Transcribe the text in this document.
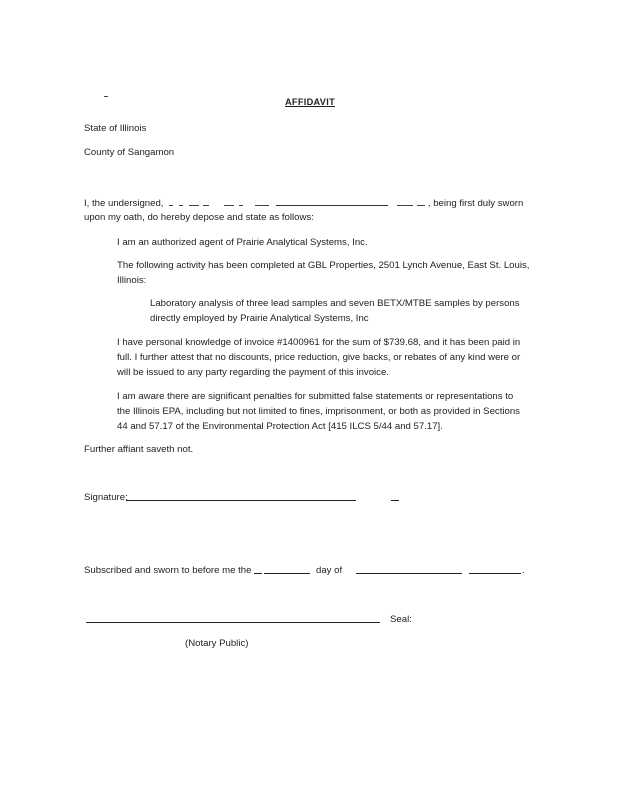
AFFIDAVIT
State of Illinois
County of Sangamon
I, the undersigned,	, being first duly sworn
upon my oath, do hereby depose and state as follows:
I am an authorized agent of Prairie Analytical Systems, Inc.
The following activity has been completed at GBL Properties, 2501 Lynch Avenue, East St. Louis,
Illinois:
Laboratory analysis of three lead samples and seven BETX/MTBE samples by persons
directly employed by Prairie Analytical Systems, Inc
I have personal knowledge of invoice #1400961 for the sum of $739.68, and it has been paid in
full. I further attest that no discounts, price reduction, give backs, or rebates of any kind were or
will be issued to any party regarding the payment of this invoice.
I am aware there are significant penalties for submitted false statements or representations to
the Illinois EPA, including but not limited to fines, imprisonment, or both as provided in Sections
44 and 57.17 of the Environmental Protection Act [415 ILCS 5/44 and 57.17].
Further affiant saveth not.
Signature:
Subscribed and sworn to before me the	day of	.
Seal:
(Notary Public)
